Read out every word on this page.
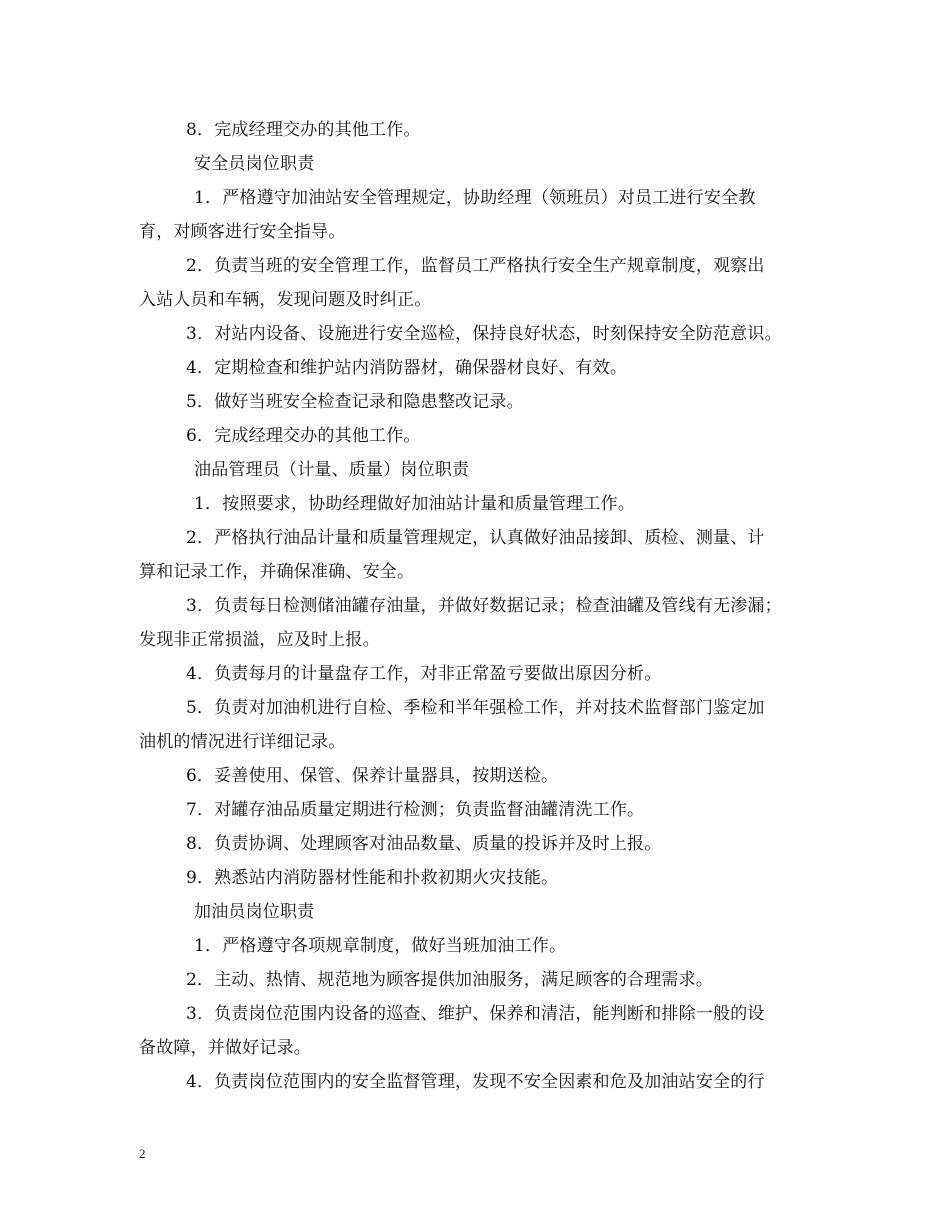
8．完成经理交办的其他工作。
安全员岗位职责
1．严格遵守加油站安全管理规定，协助经理（领班员）对员工进行安全教
育，对顾客进行安全指导。
2．负责当班的安全管理工作，监督员工严格执行安全生产规章制度，观察出
入站人员和车辆，发现问题及时纠正。
3．对站内设备、设施进行安全巡检，保持良好状态，时刻保持安全防范意识。
4．定期检查和维护站内消防器材，确保器材良好、有效。
5．做好当班安全检查记录和隐患整改记录。
6．完成经理交办的其他工作。
油品管理员（计量、质量）岗位职责
1．按照要求，协助经理做好加油站计量和质量管理工作。
2．严格执行油品计量和质量管理规定，认真做好油品接卸、质检、测量、计
算和记录工作，并确保准确、安全。
3．负责每日检测储油罐存油量，并做好数据记录；检查油罐及管线有无渗漏；
发现非正常损溢，应及时上报。
4．负责每月的计量盘存工作，对非正常盈亏要做出原因分析。
5．负责对加油机进行自检、季检和半年强检工作，并对技术监督部门鉴定加
油机的情况进行详细记录。
6．妥善使用、保管、保养计量器具，按期送检。
7．对罐存油品质量定期进行检测；负责监督油罐清洗工作。
8．负责协调、处理顾客对油品数量、质量的投诉并及时上报。
9．熟悉站内消防器材性能和扑救初期火灾技能。
加油员岗位职责
1．严格遵守各项规章制度，做好当班加油工作。
2．主动、热情、规范地为顾客提供加油服务，满足顾客的合理需求。
3．负责岗位范围内设备的巡查、维护、保养和清洁，能判断和排除一般的设
备故障，并做好记录。
4．负责岗位范围内的安全监督管理，发现不安全因素和危及加油站安全的行
2
